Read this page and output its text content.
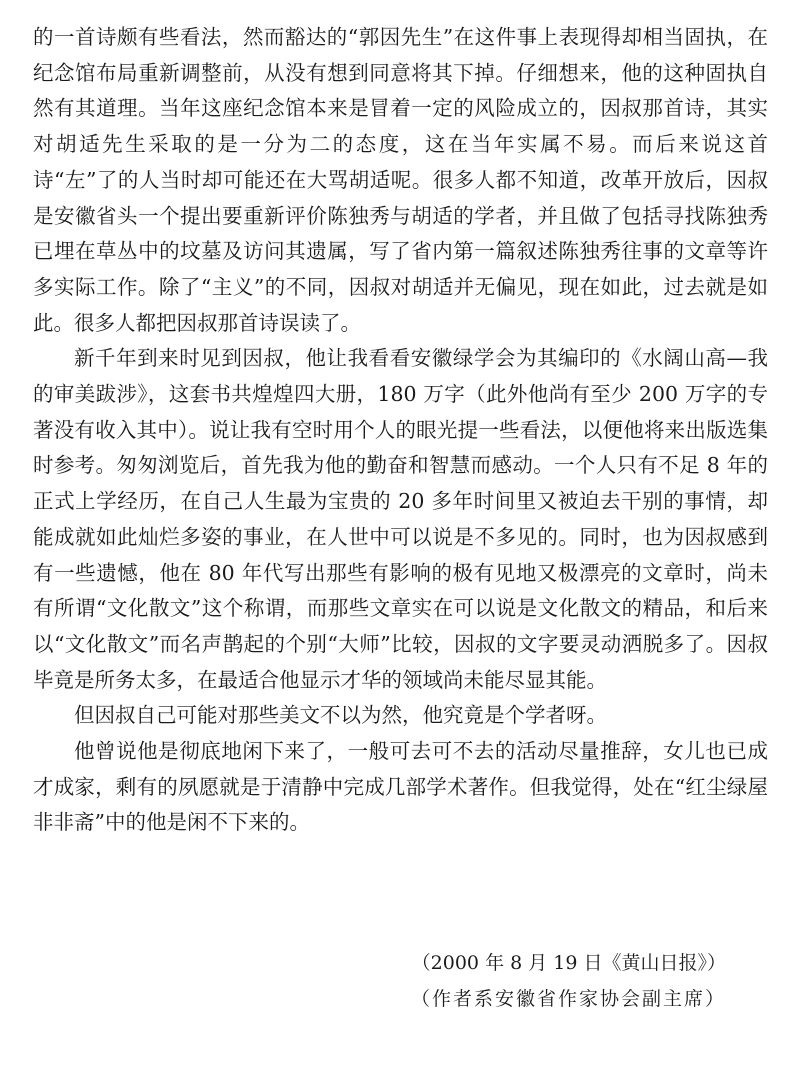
的一首诗颇有些看法，然而豁达的“郭因先生”在这件事上表现得却相当固执，在纪念馆布局重新调整前，从没有想到同意将其下掉。仔细想来，他的这种固执自然有其道理。当年这座纪念馆本来是冒着一定的风险成立的，因叔那首诗，其实对胡适先生采取的是一分为二的态度，这在当年实属不易。而后来说这首诗“左”了的人当时却可能还在大骂胡适呢。很多人都不知道，改革开放后，因叔是安徽省头一个提出要重新评价陈独秀与胡适的学者，并且做了包括寻找陈独秀已埋在草丛中的坟墓及访问其遗属，写了省内第一篇叙述陈独秀往事的文章等许多实际工作。除了“主义”的不同，因叔对胡适并无偏见，现在如此，过去就是如此。很多人都把因叔那首诗误读了。

新千年到来时见到因叔，他让我看看安徽绿学会为其编印的《水阔山高—我的审美跋涉》，这套书共煌煌四大册，180 万字（此外他尚有至少 200 万字的专著没有收入其中）。说让我有空时用个人的眼光提一些看法，以便他将来出版选集时参考。匆匆浏览后，首先我为他的勤奋和智慧而感动。一个人只有不足 8 年的正式上学经历，在自己人生最为宝贵的 20 多年时间里又被迫去干别的事情，却能成就如此灿烂多姿的事业，在人世中可以说是不多见的。同时，也为因叔感到有一些遗憾，他在 80 年代写出那些有影响的极有见地又极漂亮的文章时，尚未有所谓“文化散文”这个称谓，而那些文章实在可以说是文化散文的精品，和后来以“文化散文”而名声鹊起的个别“大师”比较，因叔的文字要灵动洒脱多了。因叔毕竟是所务太多，在最适合他显示才华的领域尚未能尽显其能。

但因叔自己可能对那些美文不以为然，他究竟是个学者呀。

他曾说他是彻底地闲下来了，一般可去可不去的活动尽量推辞，女儿也已成才成家，剩有的夙愿就是于清静中完成几部学术著作。但我觉得，处在“红尘绿屋非非斋”中的他是闲不下来的。

（2000 年 8 月 19 日《黄山日报》）

（作者系安徽省作家协会副主席）
